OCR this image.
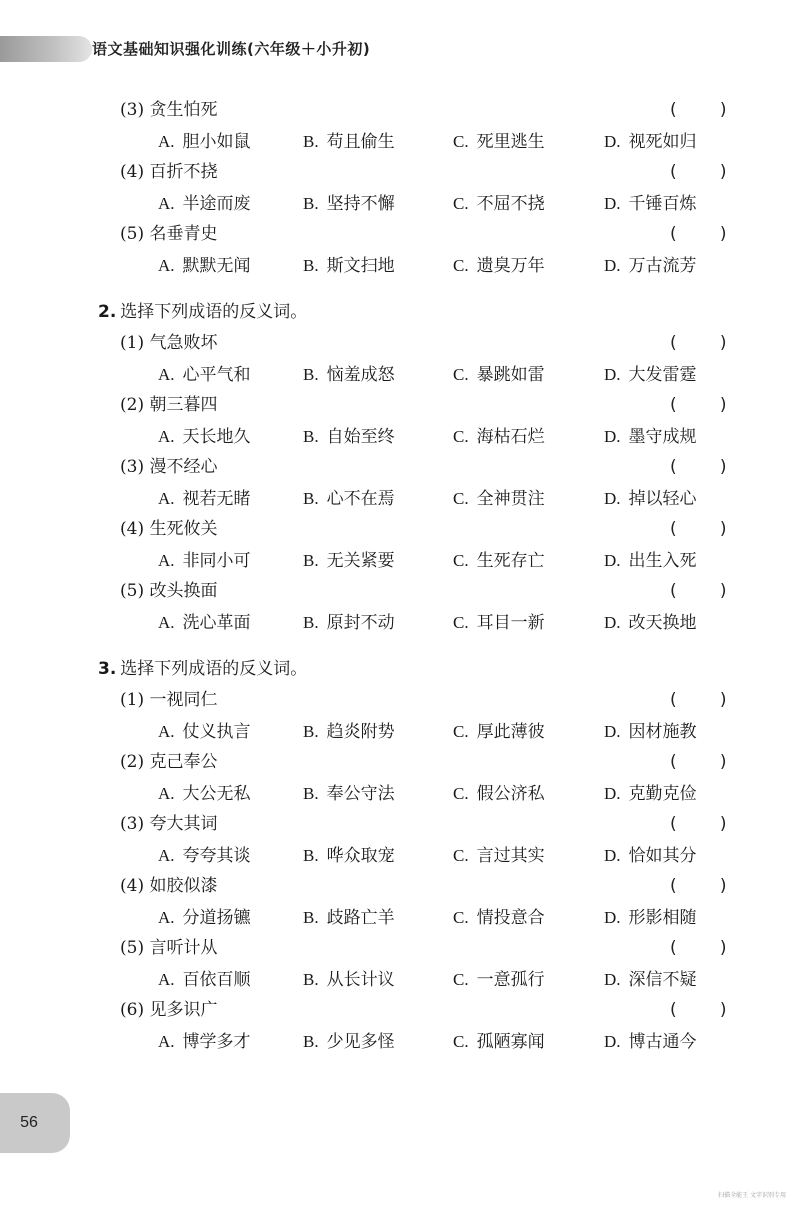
语文基础知识强化训练(六年级＋小升初)
(3) 贪生怕死	(        )
A. 胆小如鼠	B. 苟且偷生	C. 死里逃生	D. 视死如归
(4) 百折不挠	(        )
A. 半途而废	B. 坚持不懈	C. 不屈不挠	D. 千锤百炼
(5) 名垂青史	(        )
A. 默默无闻	B. 斯文扫地	C. 遗臭万年	D. 万古流芳
2. 选择下列成语的反义词。
(1) 气急败坏	(        )
A. 心平气和	B. 恼羞成怒	C. 暴跳如雷	D. 大发雷霆
(2) 朝三暮四	(        )
A. 天长地久	B. 自始至终	C. 海枯石烂	D. 墨守成规
(3) 漫不经心	(        )
A. 视若无睹	B. 心不在焉	C. 全神贯注	D. 掉以轻心
(4) 生死攸关	(        )
A. 非同小可	B. 无关紧要	C. 生死存亡	D. 出生入死
(5) 改头换面	(        )
A. 洗心革面	B. 原封不动	C. 耳目一新	D. 改天换地
3. 选择下列成语的反义词。
(1) 一视同仁	(        )
A. 仗义执言	B. 趋炎附势	C. 厚此薄彼	D. 因材施教
(2) 克己奉公	(        )
A. 大公无私	B. 奉公守法	C. 假公济私	D. 克勤克俭
(3) 夸大其词	(        )
A. 夸夸其谈	B. 哗众取宠	C. 言过其实	D. 恰如其分
(4) 如胶似漆	(        )
A. 分道扬镳	B. 歧路亡羊	C. 情投意合	D. 形影相随
(5) 言听计从	(        )
A. 百依百顺	B. 从长计议	C. 一意孤行	D. 深信不疑
(6) 见多识广	(        )
A. 博学多才	B. 少见多怪	C. 孤陋寡闻	D. 博古通今
56
扫描全能王 文字识别专用
